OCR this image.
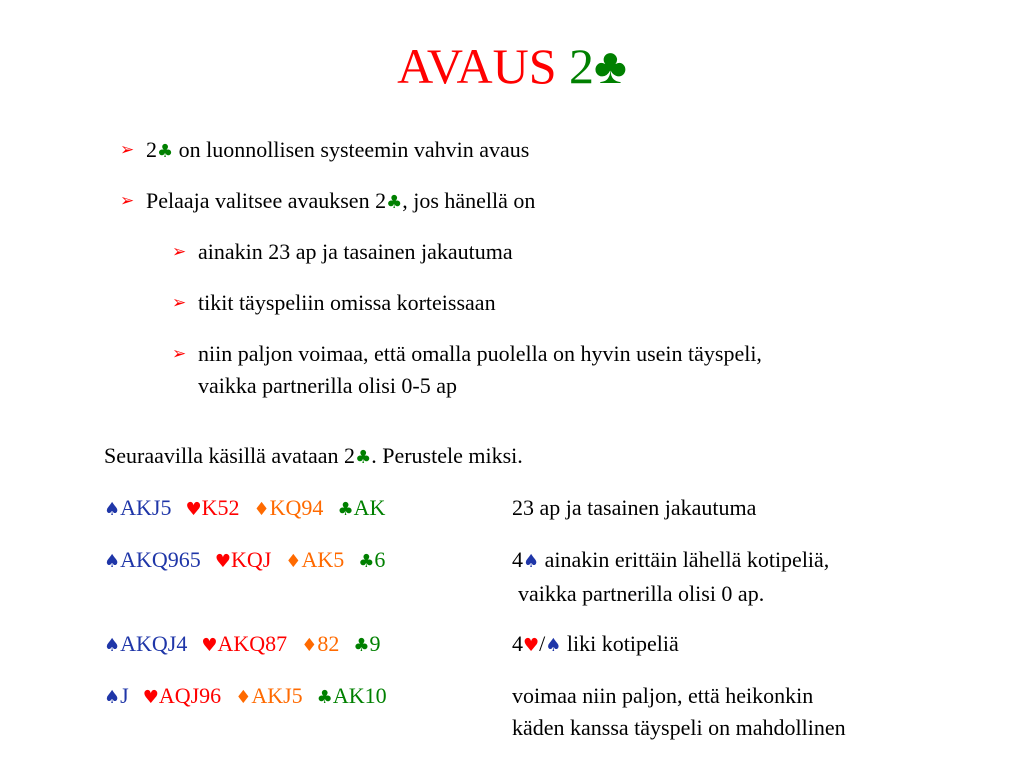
AVAUS 2♣
➢ 2♣ on luonnollisen systeemin vahvin avaus
➢ Pelaaja valitsee avauksen 2♣, jos hänellä on
➢ ainakin 23 ap ja tasainen jakautuma
➢ tikit täyspeliin omissa korteissaan
➢ niin paljon voimaa, että omalla puolella on hyvin usein täyspeli,
vaikka partnerilla olisi 0-5 ap
Seuraavilla käsillä avataan 2♣. Perustele miksi.
♠AKJ5 ♥K52 ♦KQ94 ♣AK	23 ap ja tasainen jakautuma
♠AKQ965 ♥KQJ ♦AK5 ♣6	4♠ ainakin erittäin lähellä kotipeliä,
vaikka partnerilla olisi 0 ap.
♠AKQJ4 ♥AKQ87 ♦82 ♣9	4♥/♠ liki kotipeliä
♠J ♥AQJ96 ♦AKJ5 ♣AK10	voimaa niin paljon, että heikonkin
käden kanssa täyspeli on mahdollinen
